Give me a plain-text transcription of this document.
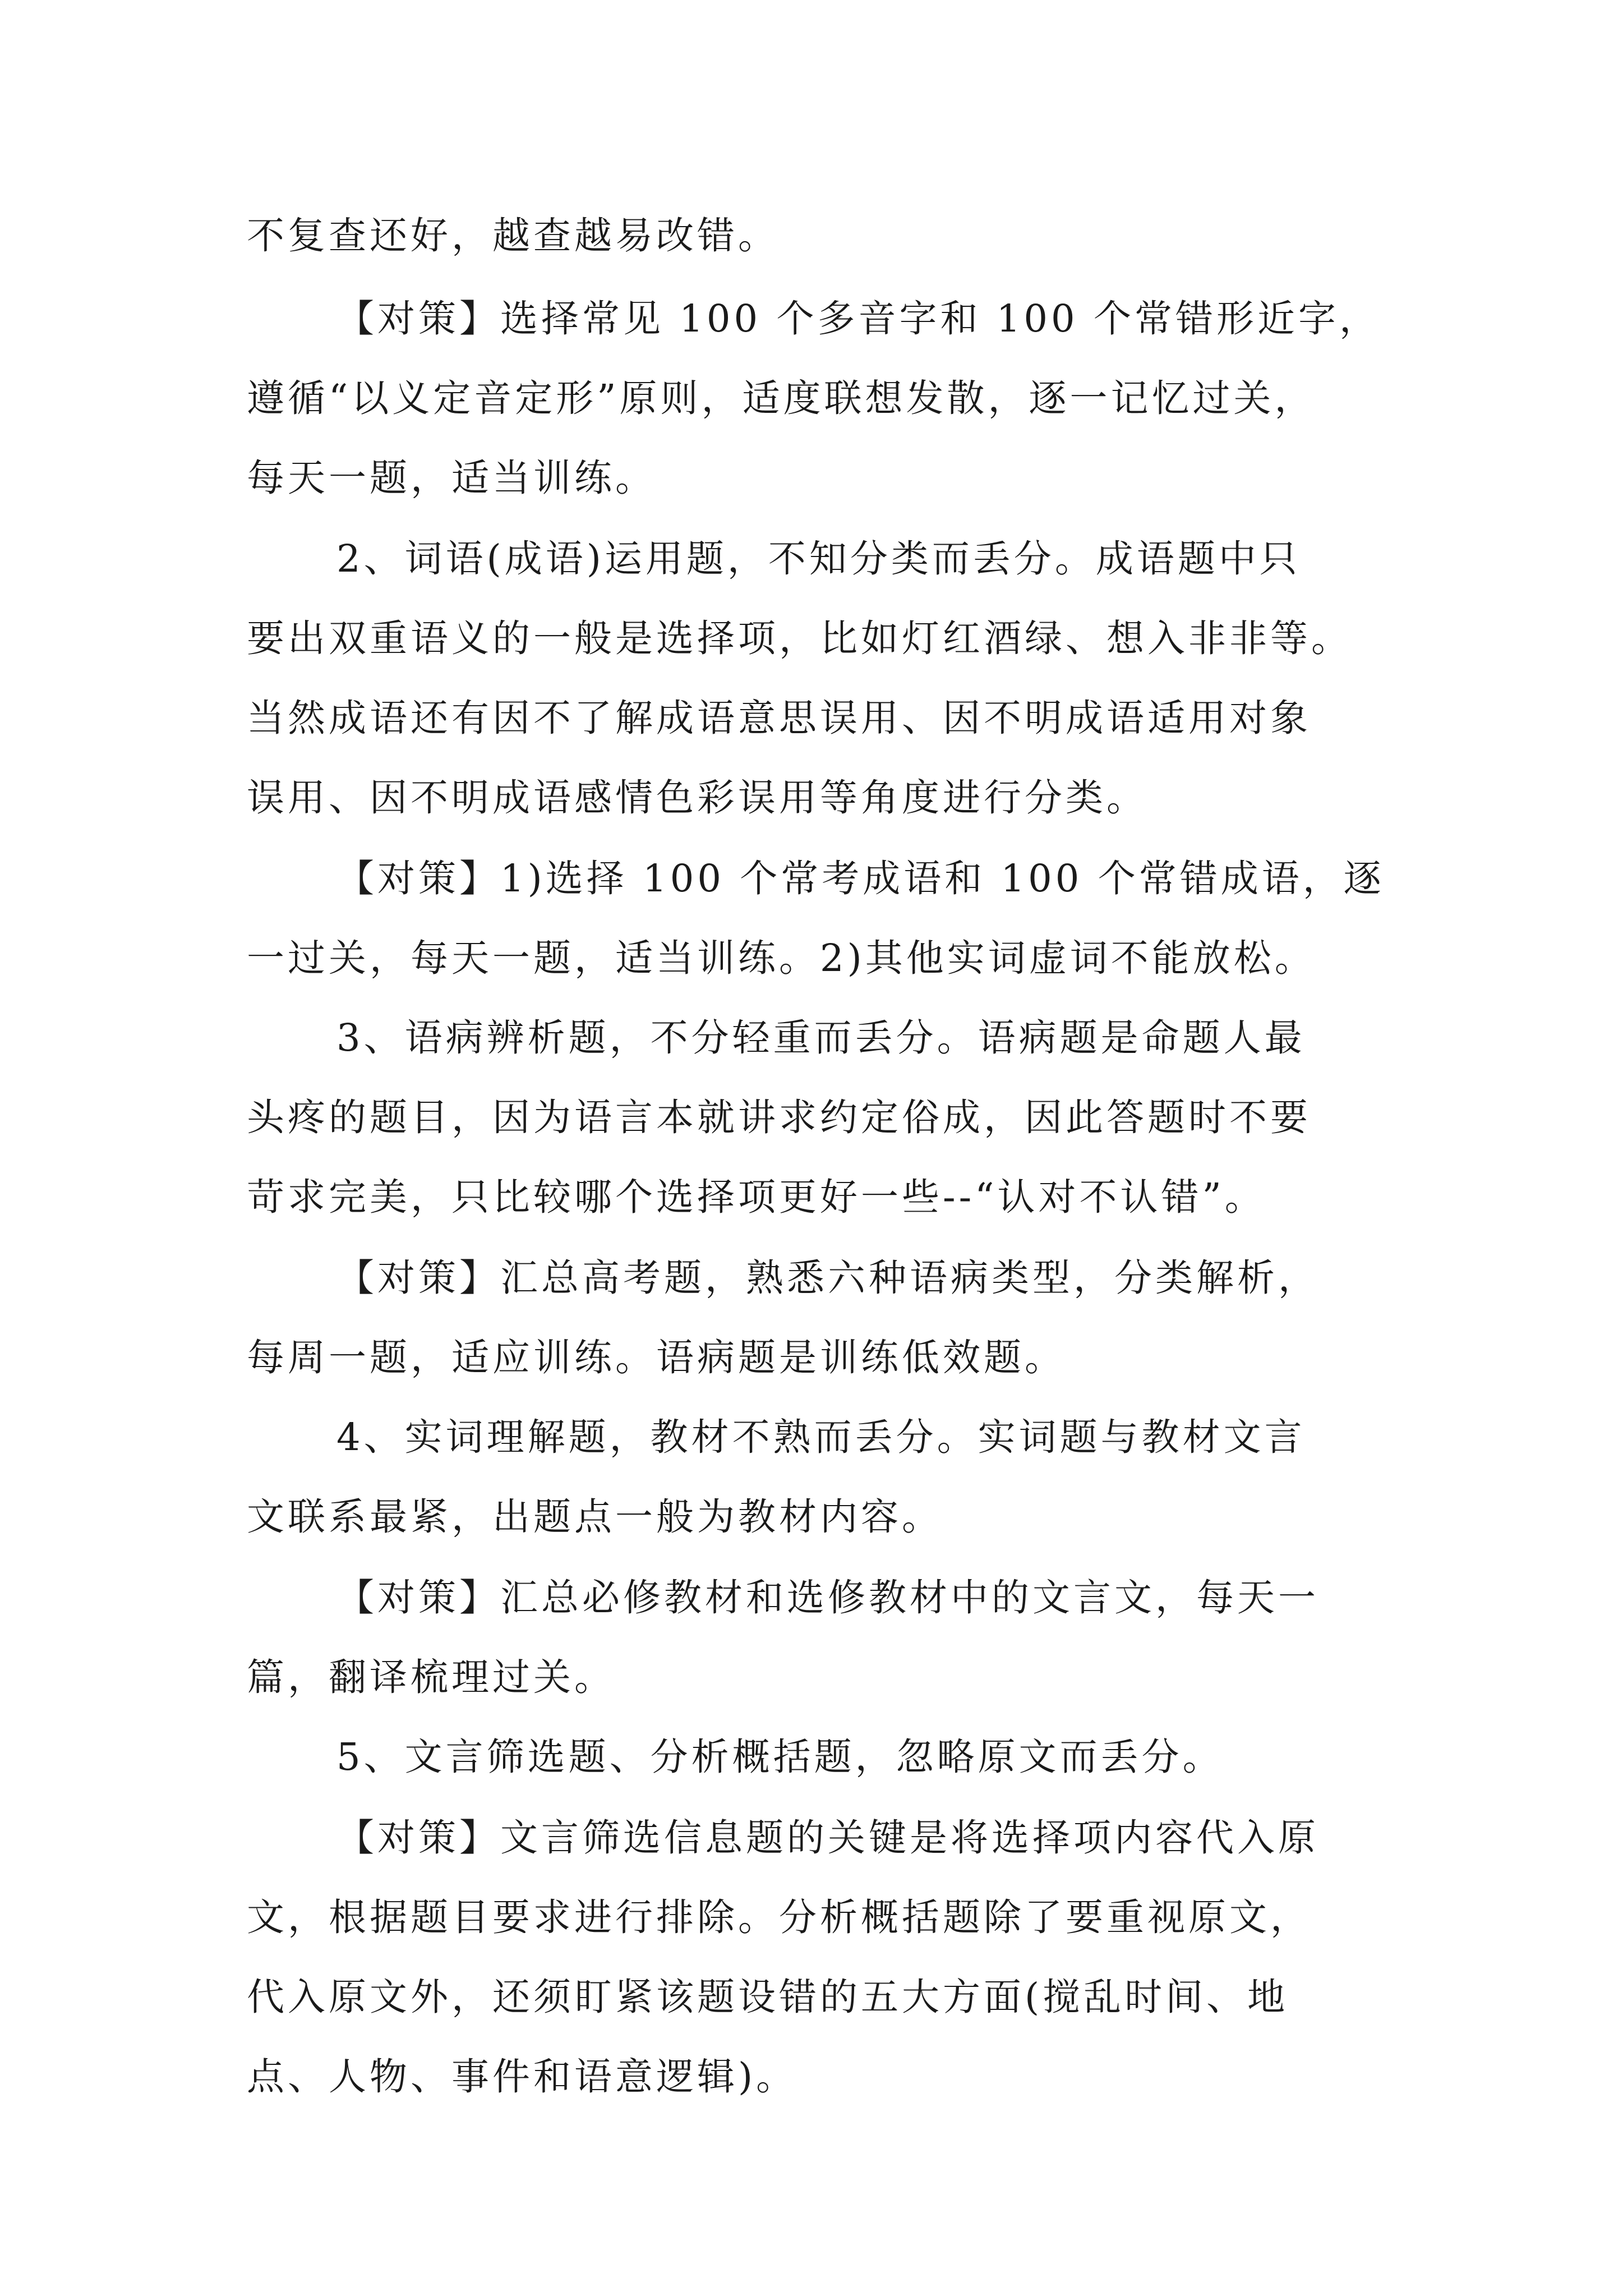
不复查还好，越查越易改错。
【对策】选择常见 100 个多音字和 100 个常错形近字，
遵循“以义定音定形”原则，适度联想发散，逐一记忆过关，
每天一题，适当训练。
2、词语(成语)运用题，不知分类而丢分。成语题中只
要出双重语义的一般是选择项，比如灯红酒绿、想入非非等。
当然成语还有因不了解成语意思误用、因不明成语适用对象
误用、因不明成语感情色彩误用等角度进行分类。
【对策】1)选择 100 个常考成语和 100 个常错成语，逐
一过关，每天一题，适当训练。2)其他实词虚词不能放松。
3、语病辨析题，不分轻重而丢分。语病题是命题人最
头疼的题目，因为语言本就讲求约定俗成，因此答题时不要
苛求完美，只比较哪个选择项更好一些--“认对不认错”。
【对策】汇总高考题，熟悉六种语病类型，分类解析，
每周一题，适应训练。语病题是训练低效题。
4、实词理解题，教材不熟而丢分。实词题与教材文言
文联系最紧，出题点一般为教材内容。
【对策】汇总必修教材和选修教材中的文言文，每天一
篇，翻译梳理过关。
5、文言筛选题、分析概括题，忽略原文而丢分。
【对策】文言筛选信息题的关键是将选择项内容代入原
文，根据题目要求进行排除。分析概括题除了要重视原文，
代入原文外，还须盯紧该题设错的五大方面(搅乱时间、地
点、人物、事件和语意逻辑)。
